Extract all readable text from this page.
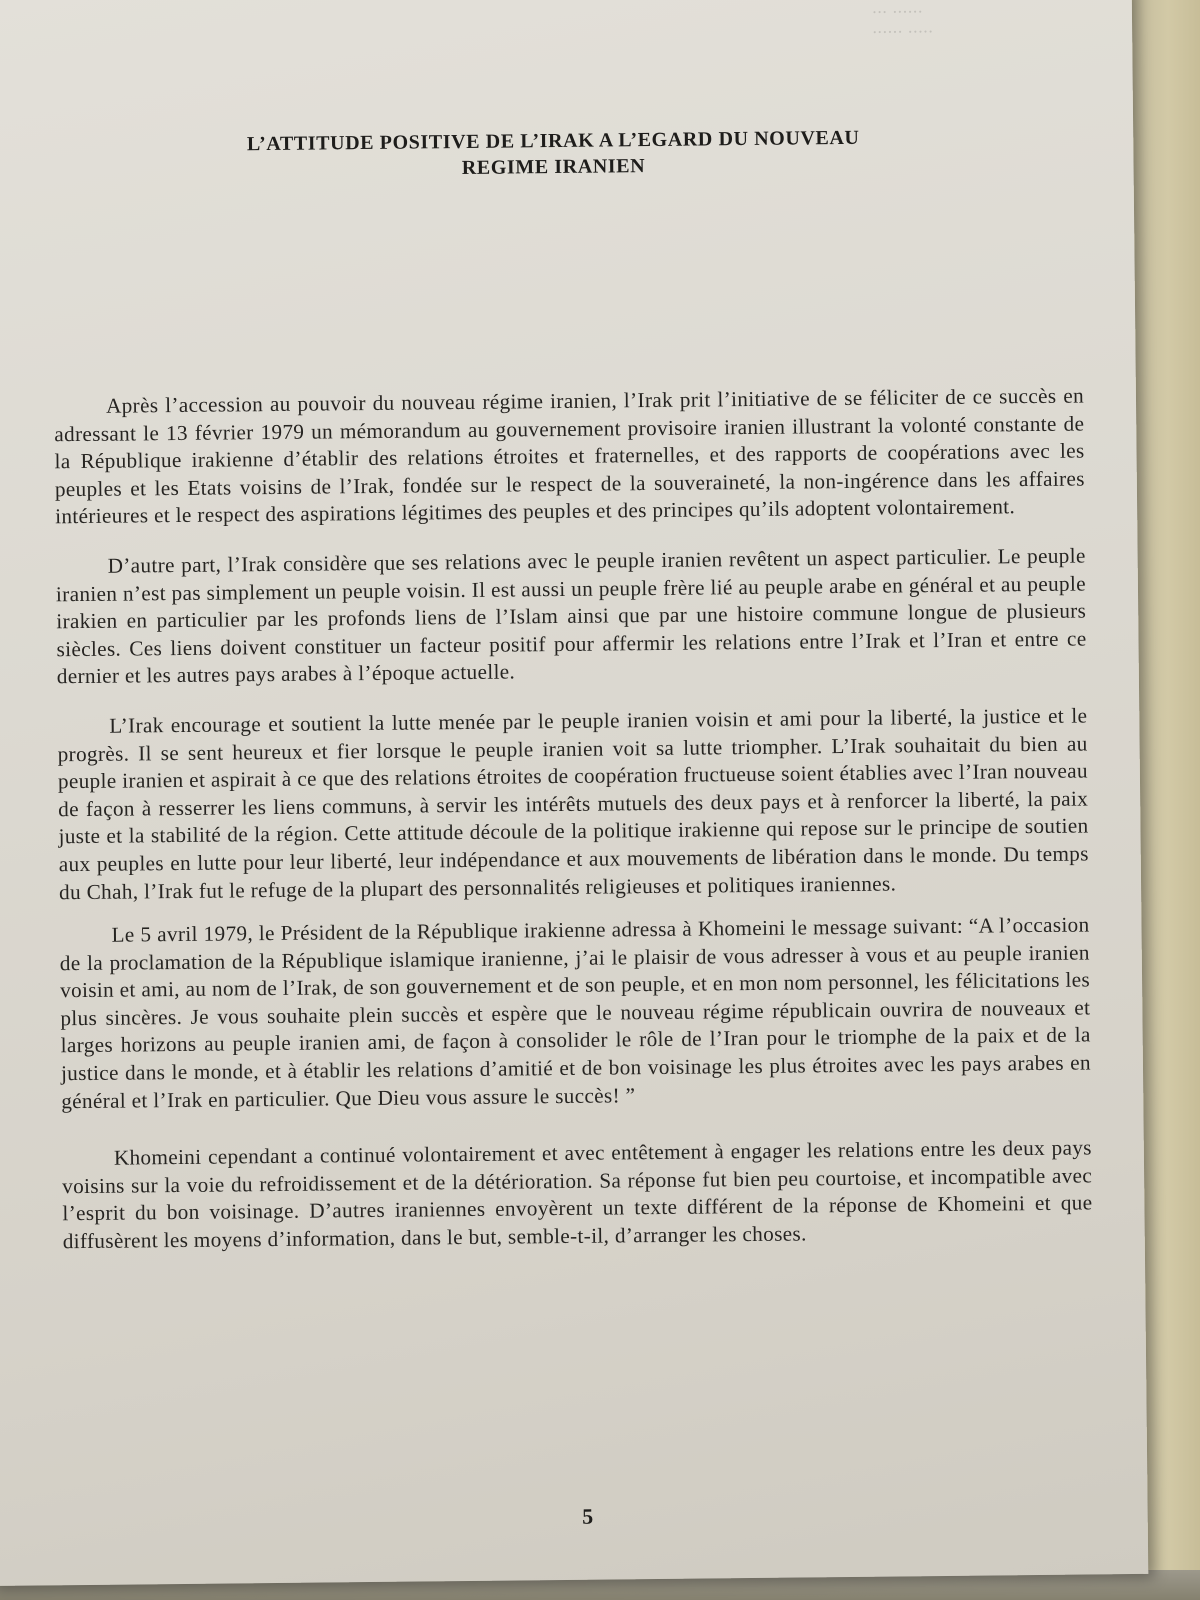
··· ······
······ ·····
L’ATTITUDE POSITIVE DE L’IRAK A L’EGARD DU NOUVEAU
REGIME IRANIEN

Après l’accession au pouvoir du nouveau régime iranien, l’Irak prit l’initiative de se féliciter de ce succès en adressant le 13 février 1979 un mémorandum au gouvernement provisoire iranien illustrant la volonté constante de la République irakienne d’établir des relations étroites et fraternelles, et des rapports de coopérations avec les peuples et les Etats voisins de l’Irak, fondée sur le respect de la souveraineté, la non-ingérence dans les affaires intérieures et le respect des aspirations légitimes des peuples et des principes qu’ils adoptent volontairement.

D’autre part, l’Irak considère que ses relations avec le peuple iranien revêtent un aspect particulier. Le peuple iranien n’est pas simplement un peuple voisin. Il est aussi un peuple frère lié au peuple arabe en général et au peuple irakien en particulier par les profonds liens de l’Islam ainsi que par une histoire commune longue de plusieurs siècles. Ces liens doivent constituer un facteur positif pour affermir les relations entre l’Irak et l’Iran et entre ce dernier et les autres pays arabes à l’époque actuelle.

L’Irak encourage et soutient la lutte menée par le peuple iranien voisin et ami pour la liberté, la justice et le progrès. Il se sent heureux et fier lorsque le peuple iranien voit sa lutte triompher. L’Irak souhaitait du bien au peuple iranien et aspirait à ce que des relations étroites de coopération fructueuse soient établies avec l’Iran nouveau de façon à resserrer les liens communs, à servir les intérêts mutuels des deux pays et à renforcer la liberté, la paix juste et la stabilité de la région. Cette attitude découle de la politique irakienne qui repose sur le principe de soutien aux peuples en lutte pour leur liberté, leur indépendance et aux mouvements de libération dans le monde. Du temps du Chah, l’Irak fut le refuge de la plupart des personnalités religieuses et politiques iraniennes.

Le 5 avril 1979, le Président de la République irakienne adressa à Khomeini le message suivant: “A l’occasion de la proclamation de la République islamique iranienne, j’ai le plaisir de vous adresser à vous et au peuple iranien voisin et ami, au nom de l’Irak, de son gouvernement et de son peuple, et en mon nom personnel, les félicitations les plus sincères. Je vous souhaite plein succès et espère que le nouveau régime républicain ouvrira de nouveaux et larges horizons au peuple iranien ami, de façon à consolider le rôle de l’Iran pour le triomphe de la paix et de la justice dans le monde, et à établir les relations d’amitié et de bon voisinage les plus étroites avec les pays arabes en général et l’Irak en particulier. Que Dieu vous assure le succès! ”

Khomeini cependant a continué volontairement et avec entêtement à engager les relations entre les deux pays voisins sur la voie du refroidissement et de la détérioration. Sa réponse fut bien peu courtoise, et incompatible avec l’esprit du bon voisinage. D’autres iraniennes envoyèrent un texte différent de la réponse de Khomeini et que diffusèrent les moyens d’information, dans le but, semble-t-il, d’arranger les choses.

5
